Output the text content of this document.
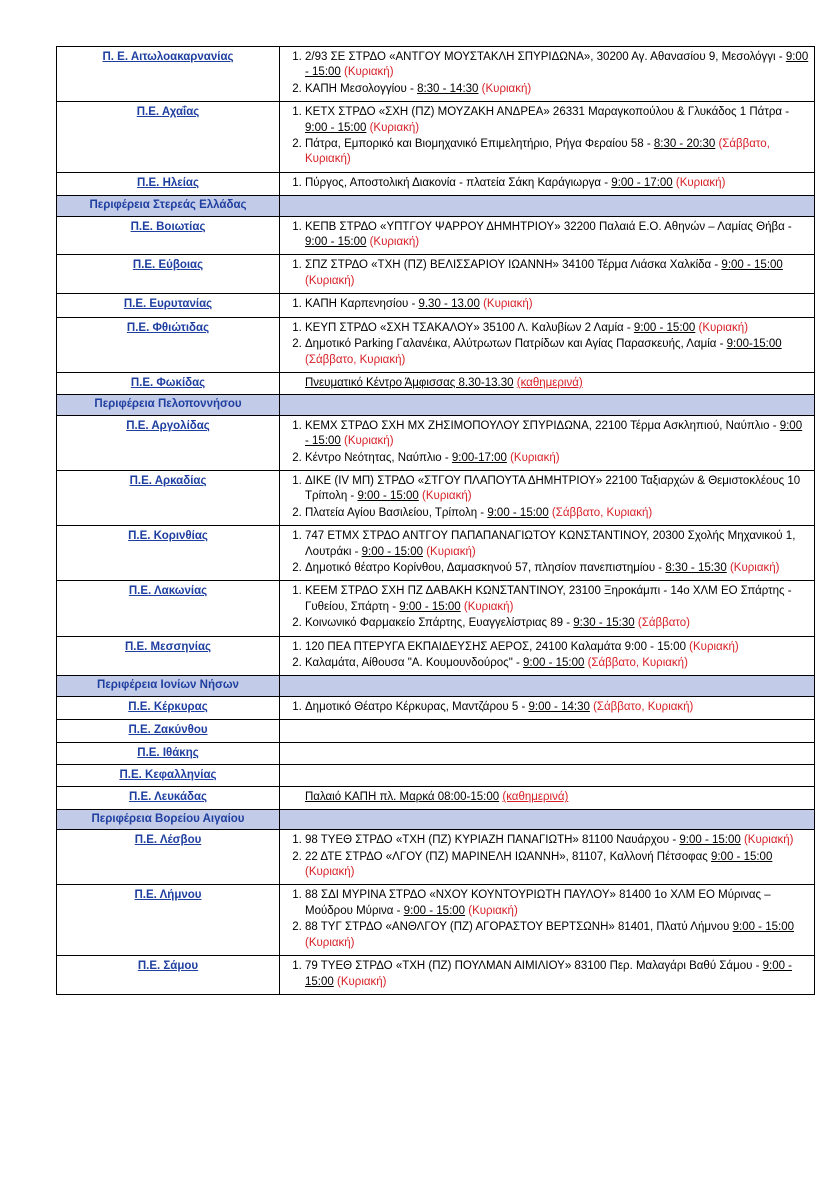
Π. Ε. Αιτωλοακαρνανίας	
1.2/93 ΣΕ ΣΤΡΔΟ «ΑΝΤΓΟΥ ΜΟΥΣΤΑΚΛΗ ΣΠΥΡΙΔΩΝΑ», 30200 Αγ. Αθανασίου 9, Μεσολόγγι - 9:00 - 15:00 (Κυριακή)
2. ΚΑΠΗ Μεσολογγίου - 8:30 - 14:30 (Κυριακή)

Π.Ε. Αχαΐας	
1.ΚΕΤΧ ΣΤΡΔΟ «ΣΧΗ (ΠΖ) ΜΟΥΖΑΚΗ ΑΝΔΡΕΑ» 26331 Μαραγκοπούλου & Γλυκάδος 1 Πάτρα - 9:00 - 15:00 (Κυριακή)
2. Πάτρα, Εμπορικό και Βιομηχανικό Επιμελητήριο, Ρήγα Φεραίου 58 - 8:30 - 20:30 (Σάββατο, Κυριακή)

Π.Ε. Ηλείας	
1.Πύργος, Αποστολική Διακονία - πλατεία Σάκη Καράγιωργα - 9:00 - 17:00 (Κυριακή)

Περιφέρεια Στερεάς Ελλάδας	
Π.Ε. Βοιωτίας	
1.ΚΕΠΒ ΣΤΡΔΟ «ΥΠΤΓΟΥ ΨΑΡΡΟΥ ΔΗΜΗΤΡΙΟΥ» 32200 Παλαιά Ε.Ο. Αθηνών – Λαμίας Θήβα - 9:00 - 15:00 (Κυριακή)

Π.Ε. Εύβοιας	
1.ΣΠΖ ΣΤΡΔΟ «ΤΧΗ (ΠΖ) ΒΕΛΙΣΣΑΡΙΟΥ ΙΩΑΝΝΗ» 34100 Τέρμα Λιάσκα Χαλκίδα - 9:00 - 15:00 (Κυριακή)

Π.Ε. Ευρυτανίας	
1.ΚΑΠΗ Καρπενησίου - 9.30 - 13.00 (Κυριακή)

Π.Ε. Φθιώτιδας	
1.ΚΕΥΠ ΣΤΡΔΟ «ΣΧΗ ΤΣΑΚΑΛΟΥ» 35100 Λ. Καλυβίων 2 Λαμία - 9:00 - 15:00 (Κυριακή)
2. Δημοτικό Parking Γαλανέικα, Αλύτρωτων Πατρίδων και Αγίας Παρασκευής, Λαμία - 9:00-15:00 (Σάββατο, Κυριακή)

Π.Ε. Φωκίδας	Πνευματικό Κέντρο Άμφισσας 8.30-13.30 (καθημερινά)

Περιφέρεια Πελοποννήσου	
Π.Ε. Αργολίδας	
1.ΚΕΜΧ ΣΤΡΔΟ ΣΧΗ ΜΧ ΖΗΣΙΜΟΠΟΥΛΟΥ ΣΠΥΡΙΔΩΝΑ, 22100 Τέρμα Ασκληπιού, Ναύπλιο - 9:00 - 15:00 (Κυριακή)
2. Κέντρο Νεότητας, Ναύπλιο - 9:00-17:00 (Κυριακή)

Π.Ε. Αρκαδίας	
1.ΔΙΚΕ (IV ΜΠ) ΣΤΡΔΟ «ΣΤΓΟΥ ΠΛΑΠΟΥΤΑ ΔΗΜΗΤΡΙΟΥ» 22100 Ταξιαρχών & Θεμιστοκλέους 10 Τρίπολη - 9:00 - 15:00 (Κυριακή)
2. Πλατεία Αγίου Βασιλείου, Τρίπολη - 9:00 - 15:00 (Σάββατο, Κυριακή)

Π.Ε. Κορινθίας	
1.747 ΕΤΜΧ ΣΤΡΔΟ ΑΝΤΓΟΥ ΠΑΠΑΠΑΝΑΓΙΩΤΟΥ ΚΩΝΣΤΑΝΤΙΝΟΥ, 20300 Σχολής Μηχανικού 1, Λουτράκι - 9:00 - 15:00 (Κυριακή)
2. Δημοτικό θέατρο Κορίνθου, Δαμασκηνού 57, πλησίον πανεπιστημίου - 8:30 - 15:30 (Κυριακή)

Π.Ε. Λακωνίας	
1.ΚΕΕΜ ΣΤΡΔΟ ΣΧΗ ΠΖ ΔΑΒΑΚΗ ΚΩΝΣΤΑΝΤΙΝΟΥ, 23100 Ξηροκάμπι - 14ο ΧΛΜ ΕΟ Σπάρτης - Γυθείου, Σπάρτη - 9:00 - 15:00 (Κυριακή)
2. Κοινωνικό Φαρμακείο Σπάρτης, Ευαγγελίστριας 89 - 9:30 - 15:30 (Σάββατο)

Π.Ε. Μεσσηνίας	
1.120 ΠΕΑ ΠΤΕΡΥΓΑ ΕΚΠΑΙΔΕΥΣΗΣ ΑΕΡΟΣ, 24100 Καλαμάτα 9:00 - 15:00 (Κυριακή)
2. Καλαμάτα, Αίθουσα "Α. Κουμουνδούρος" - 9:00 - 15:00 (Σάββατο, Κυριακή)

Περιφέρεια Ιονίων Νήσων	
Π.Ε. Κέρκυρας	
1.Δημοτικό Θέατρο Κέρκυρας, Μαντζάρου 5 - 9:00 - 14:30 (Σάββατο, Κυριακή)

Π.Ε. Ζακύνθου	

Π.Ε. Ιθάκης	

Π.Ε. Κεφαλληνίας	

Π.Ε. Λευκάδας	Παλαιό ΚΑΠΗ πλ. Μαρκά 08:00-15:00 (καθημερινά)

Περιφέρεια Βορείου Αιγαίου	
Π.Ε. Λέσβου	
1.98 ΤΥΕΘ ΣΤΡΔΟ «ΤΧΗ (ΠΖ) ΚΥΡΙΑΖΗ ΠΑΝΑΓΙΩΤΗ» 81100 Ναυάρχου - 9:00 - 15:00 (Κυριακή)
2. 22 ΔΤΕ ΣΤΡΔΟ «ΛΓΟΥ (ΠΖ) ΜΑΡΙΝΕΛΗ ΙΩΑΝΝΗ», 81107, Καλλονή Πέτσοφας 9:00 - 15:00 (Κυριακή)

Π.Ε. Λήμνου	
1.88 ΣΔΙ ΜΥΡΙΝΑ ΣΤΡΔΟ «ΝΧΟΥ ΚΟΥΝΤΟΥΡΙΩΤΗ ΠΑΥΛΟΥ» 81400 1ο ΧΛΜ ΕΟ Μύρινας – Μούδρου Μύρινα - 9:00 - 15:00 (Κυριακή)
2. 88 ΤΥΓ ΣΤΡΔΟ «ΑΝΘΛΓΟΥ (ΠΖ) ΑΓΟΡΑΣΤΟΥ ΒΕΡΤΣΩΝΗ» 81401, Πλατύ Λήμνου 9:00 - 15:00 (Κυριακή)

Π.Ε. Σάμου	
1.79 ΤΥΕΘ ΣΤΡΔΟ «ΤΧΗ (ΠΖ) ΠΟΥΛΜΑΝ ΑΙΜΙΛΙΟΥ» 83100 Περ. Μαλαγάρι Βαθύ Σάμου - 9:00 - 15:00 (Κυριακή)
